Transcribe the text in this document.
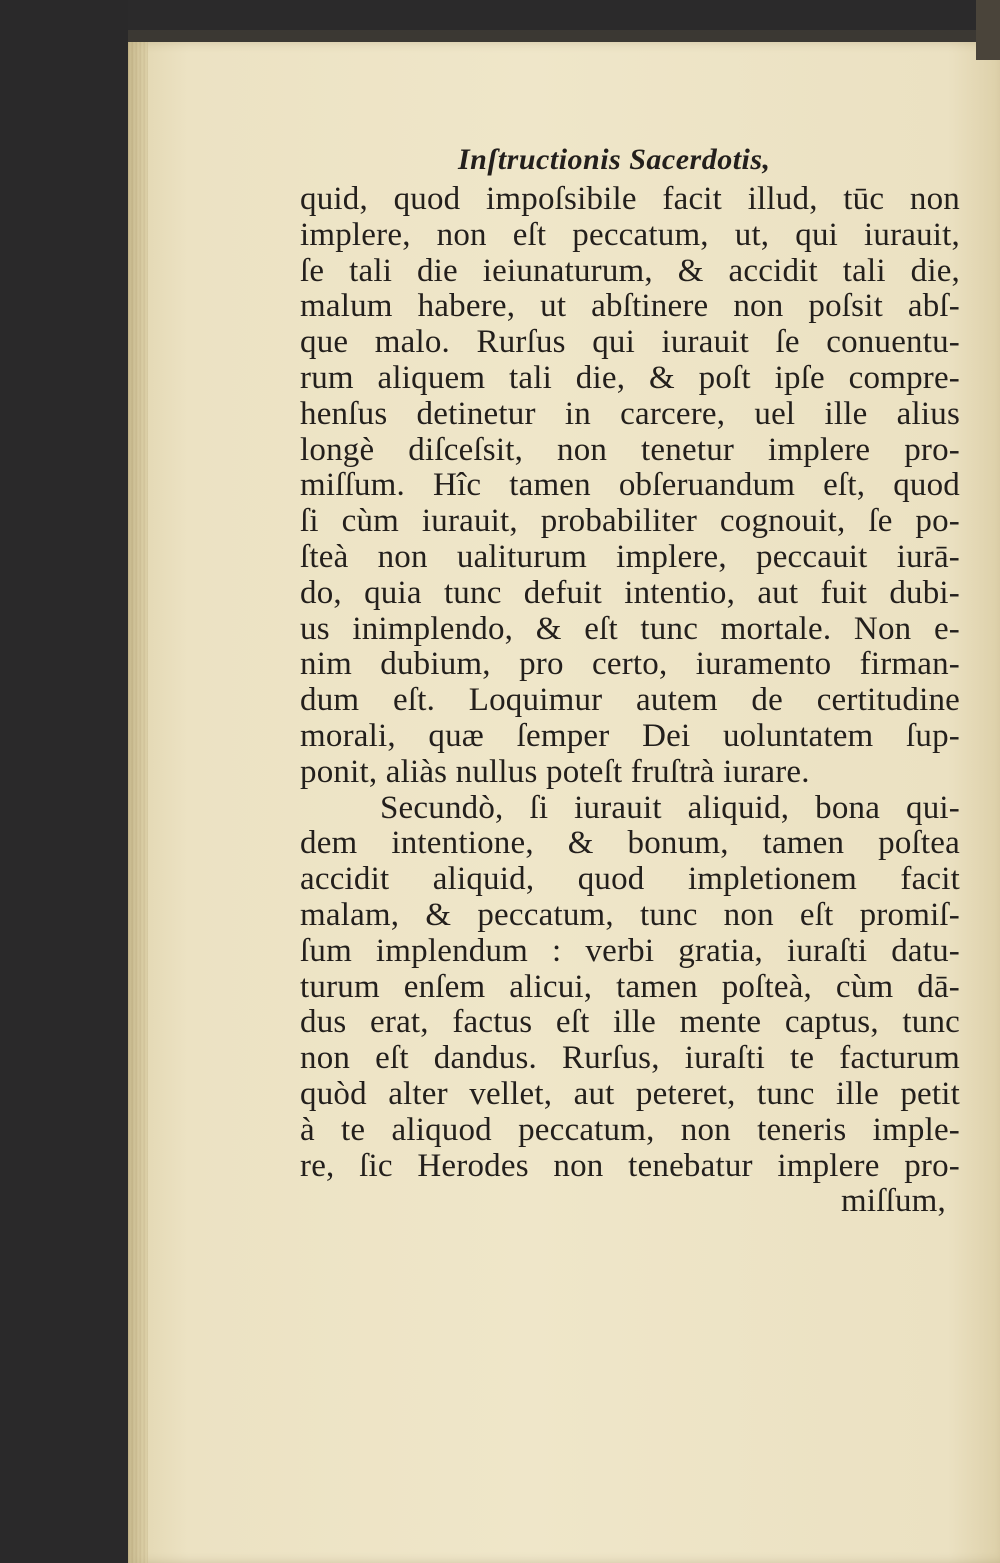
Inſtructionis Sacerdotis,
quid, quod impoſsibile facit illud, tūc non
implere, non eſt peccatum, ut, qui iurauit,
ſe tali die ieiunaturum, & accidit tali die,
malum habere, ut abſtinere non poſsit abſ-
que malo. Rurſus qui iurauit ſe conuentu-
rum aliquem tali die, & poſt ipſe compre-
henſus detinetur in carcere, uel ille alius
longè diſceſsit, non tenetur implere pro-
miſſum. Hîc tamen obſeruandum eſt, quod
ſi cùm iurauit, probabiliter cognouit, ſe po-
ſteà non ualiturum implere, peccauit iurā-
do, quia tunc defuit intentio, aut fuit dubi-
us inimplendo, & eſt tunc mortale. Non e-
nim dubium, pro certo, iuramento firman-
dum eſt. Loquimur autem de certitudine
morali, quæ ſemper Dei uoluntatem ſup-
ponit, aliàs nullus poteſt fruſtrà iurare.
Secundò, ſi iurauit aliquid, bona qui-
dem intentione, & bonum, tamen poſtea
accidit aliquid, quod impletionem facit
malam, & peccatum, tunc non eſt promiſ-
ſum implendum : verbi gratia, iuraſti datu-
turum enſem alicui, tamen poſteà, cùm dā-
dus erat, factus eſt ille mente captus, tunc
non eſt dandus. Rurſus, iuraſti te facturum
quòd alter vellet, aut peteret, tunc ille petit
à te aliquod peccatum, non teneris imple-
re, ſic Herodes non tenebatur implere pro-
miſſum,
